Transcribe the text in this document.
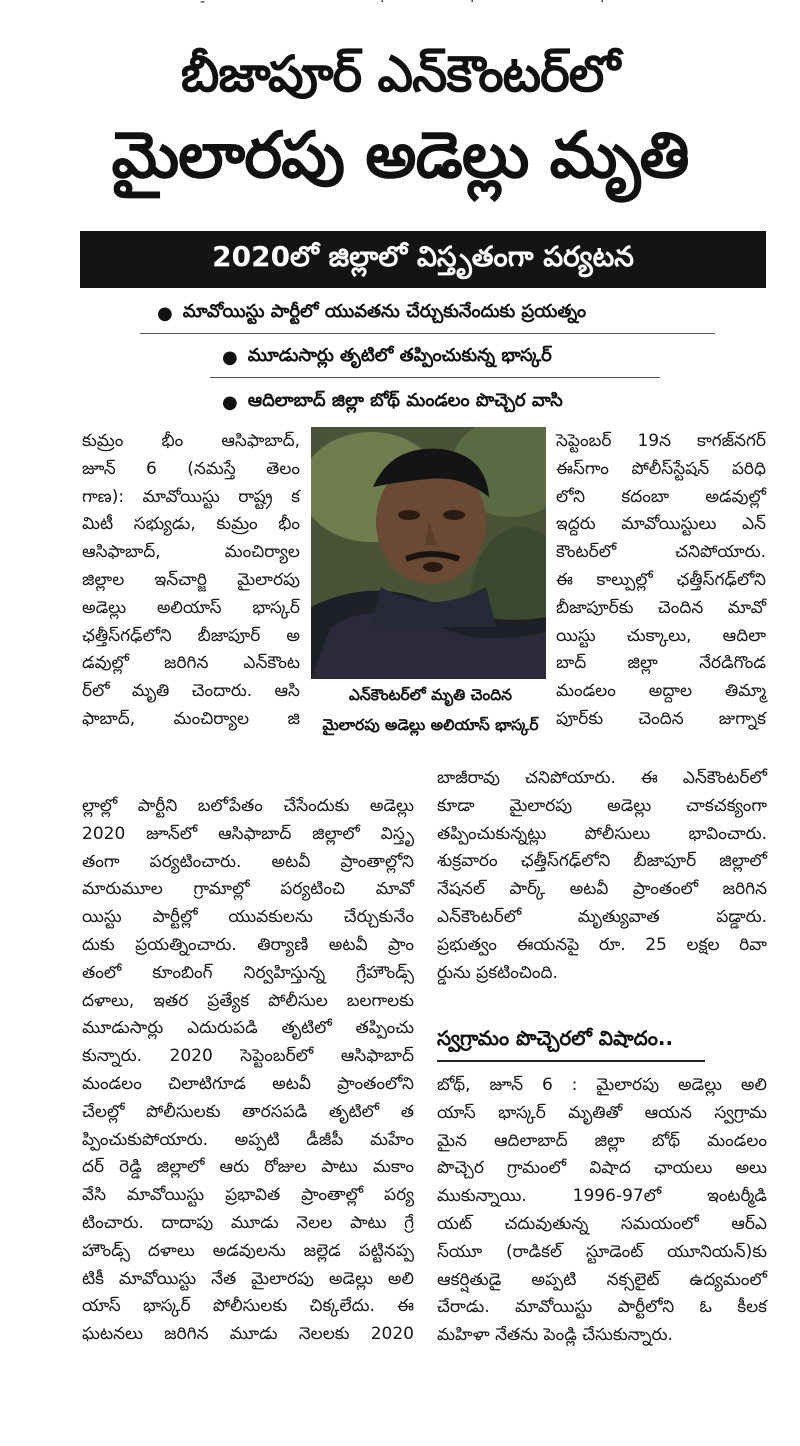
‐	·	·	·
బీజాపూర్‌ ఎన్‌కౌంటర్‌లో
మైలారపు అడెల్లు మృతి
2020లో జిల్లాలో విస్తృతంగా పర్యటన
● మావోయిస్టు పార్టీలో యువతను చేర్చుకునేందుకు ప్రయత్నం
● మూడుసార్లు తృటిలో తప్పించుకున్న భాస్కర్‌
● ఆదిలాబాద్‌ జిల్లా బోథ్‌ మండలం పొచ్చెర వాసి

కుమ్రం భీం ఆసిఫాబాద్‌,

జూన్‌ 6 (నమస్తే తెలం

గాణ): మావోయిస్టు రాష్ట్ర క

మిటీ సభ్యుడు, కుమ్రం భీం

ఆసిఫాబాద్‌, మంచిర్యాల

జిల్లాల ఇన్‌చార్జి మైలారపు

అడెల్లు అలియాస్‌ భాస్కర్‌

ఛత్తీస్‌గఢ్‌లోని బీజాపూర్‌ అ

డవుల్లో జరిగిన ఎన్‌కౌంట

ర్‌లో మృతి చెందారు. ఆసి

ఫాబాద్‌, మంచిర్యాల జి

ఎన్‌కౌంటర్‌లో మృతి చెందిన
మైలారపు అడెల్లు అలియాస్‌ భాస్కర్‌

సెప్టెంబర్‌ 19న కాగజ్‌నగర్‌

ఈస్‌గాం పోలీస్‌స్టేషన్‌ పరిధి

లోని కదంబా అడవుల్లో

ఇద్దరు మావోయిస్టులు ఎన్‌

కౌంటర్‌లో చనిపోయారు.

ఈ కాల్పుల్లో ఛత్తీస్‌గఢ్‌లోని

బీజాపూర్‌కు చెందిన మావో

యిస్టు చుక్కాలు, ఆదిలా

బాద్‌ జిల్లా నేరడిగొండ

మండలం అద్దాల తిమ్మా

పూర్‌కు చెందిన జుగ్నాక

ల్లాల్లో పార్టీని బలోపేతం చేసేందుకు అడెల్లు

2020 జూన్‌లో ఆసిఫాబాద్‌ జిల్లాలో విస్తృ

తంగా పర్యటించారు. అటవీ ప్రాంతాల్లోని

మారుమూల గ్రామాల్లో పర్యటించి మావో

యిస్టు పార్టీల్లో యువకులను చేర్చుకునేం

దుకు ప్రయత్నించారు. తిర్యాణి అటవీ ప్రాం

తంలో కూంబింగ్‌ నిర్వహిస్తున్న గ్రేహౌండ్స్‌

దళాలు, ఇతర ప్రత్యేక పోలీసుల బలగాలకు

మూడుసార్లు ఎదురుపడి తృటిలో తప్పించు

కున్నారు. 2020 సెప్టెంబర్‌లో ఆసిఫాబాద్‌

మండలం చిలాటిగూడ అటవీ ప్రాంతంలోని

చేలల్లో పోలీసులకు తారసపడి తృటిలో త

ప్పించుకుపోయారు. అప్పటి డీజీపీ మహేం

దర్‌ రెడ్డి జిల్లాలో ఆరు రోజుల పాటు మకాం

వేసి మావోయిస్టు ప్రభావిత ప్రాంతాల్లో పర్య

టించారు. దాదాపు మూడు నెలల పాటు గ్రే

హౌండ్స్‌ దళాలు అడవులను జల్లెడ పట్టినప్ప

టికీ మావోయిస్టు నేత మైలారపు అడెల్లు అలి

యాస్‌ భాస్కర్‌ పోలీసులకు చిక్కలేదు. ఈ

ఘటనలు జరిగిన మూడు నెలలకు 2020

బాజీరావు చనిపోయారు. ఈ ఎన్‌కౌంటర్‌లో

కూడా మైలారపు అడెల్లు చాకచక్యంగా

తప్పించుకున్నట్లు పోలీసులు భావించారు.

శుక్రవారం ఛత్తీస్‌గఢ్‌లోని బీజాపూర్‌ జిల్లాలో

నేషనల్‌ పార్క్‌ అటవీ ప్రాంతంలో జరిగిన

ఎన్‌కౌంటర్‌లో మృత్యువాత పడ్డారు.

ప్రభుత్వం ఈయనపై రూ. 25 లక్షల రివా

ర్డును ప్రకటించింది.

స్వగ్రామం పొచ్చెరలో విషాదం..

బోథ్‌, జూన్‌ 6 : మైలారపు అడెల్లు అలి

యాస్‌ భాస్కర్‌ మృతితో ఆయన స్వగ్రామ

మైన ఆదిలాబాద్‌ జిల్లా బోథ్‌ మండలం

పొచ్చెర గ్రామంలో విషాద ఛాయలు అలు

ముకున్నాయి. 1996-97లో ఇంటర్మీడి

యట్‌ చదువుతున్న సమయంలో ఆర్‌ఎ

స్‌యూ (రాడికల్‌ స్టూడెంట్‌ యూనియన్‌)కు

ఆకర్షితుడై అప్పటి నక్సలైట్‌ ఉద్యమంలో

చేరాడు. మావోయిస్టు పార్టీలోని ఓ కీలక

మహిళా నేతను పెండ్లి చేసుకున్నారు.
